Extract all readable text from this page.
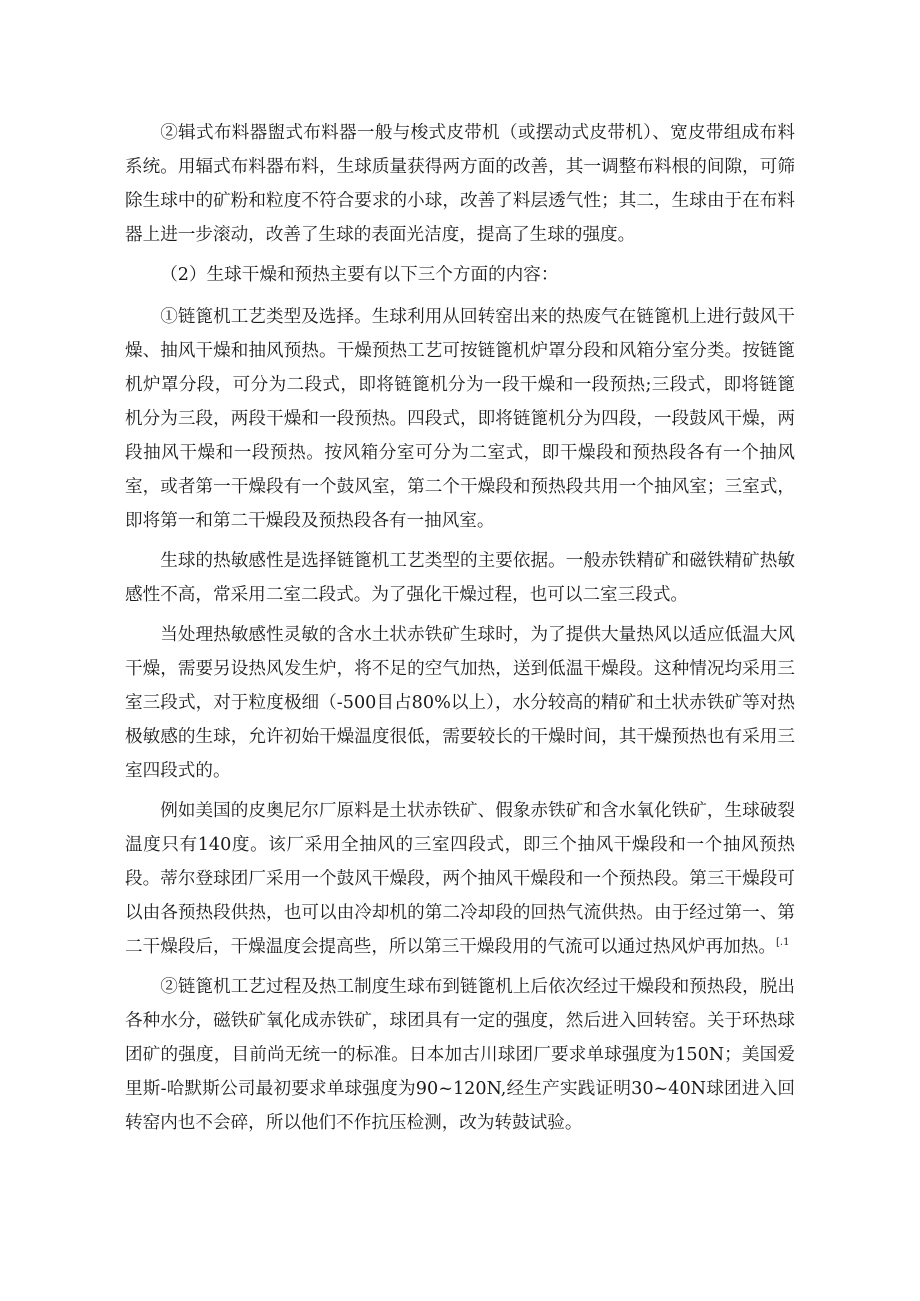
②辑式布料器盥式布料器一般与梭式皮带机（或摆动式皮带机）、宽皮带组成布料系统。用辐式布料器布料，生球质量获得两方面的改善，其一调整布料根的间隙，可筛除生球中的矿粉和粒度不符合要求的小球，改善了料层透气性；其二，生球由于在布料器上进一步滚动，改善了生球的表面光洁度，提高了生球的强度。

（2）生球干燥和预热主要有以下三个方面的内容：

①链篦机工艺类型及选择。生球利用从回转窑出来的热废气在链篦机上进行鼓风干燥、抽风干燥和抽风预热。干燥预热工艺可按链篦机炉罩分段和风箱分室分类。按链篦机炉罩分段，可分为二段式，即将链篦机分为一段干燥和一段预热;三段式，即将链篦机分为三段，两段干燥和一段预热。四段式，即将链篦机分为四段，一段鼓风干燥，两段抽风干燥和一段预热。按风箱分室可分为二室式，即干燥段和预热段各有一个抽风室，或者第一干燥段有一个鼓风室，第二个干燥段和预热段共用一个抽风室；三室式，即将第一和第二干燥段及预热段各有一抽风室。

生球的热敏感性是选择链篦机工艺类型的主要依据。一般赤铁精矿和磁铁精矿热敏感性不高，常采用二室二段式。为了强化干燥过程，也可以二室三段式。

当处理热敏感性灵敏的含水土状赤铁矿生球时，为了提供大量热风以适应低温大风干燥，需要另设热风发生炉，将不足的空气加热，送到低温干燥段。这种情况均采用三室三段式，对于粒度极细（-500目占80%以上），水分较高的精矿和土状赤铁矿等对热极敏感的生球，允许初始干燥温度很低，需要较长的干燥时间，其干燥预热也有采用三室四段式的。

例如美国的皮奥尼尔厂原料是土状赤铁矿、假象赤铁矿和含水氧化铁矿，生球破裂温度只有140度。该厂采用全抽风的三室四段式，即三个抽风干燥段和一个抽风预热段。蒂尔登球团厂采用一个鼓风干燥段，两个抽风干燥段和一个预热段。第三干燥段可以由各预热段供热，也可以由冷却机的第二冷却段的回热气流供热。由于经过第一、第二干燥段后，干燥温度会提高些，所以第三干燥段用的气流可以通过热风炉再加热。$^{[.1}$

②链篦机工艺过程及热工制度生球布到链篦机上后依次经过干燥段和预热段，脱出各种水分，磁铁矿氧化成赤铁矿，球团具有一定的强度，然后进入回转窑。关于环热球团矿的强度，目前尚无统一的标准。日本加古川球团厂要求单球强度为150N；美国爱里斯-哈默斯公司最初要求单球强度为90~120N,经生产实践证明30~40N球团进入回转窑内也不会碎，所以他们不作抗压检测，改为转鼓试验。
